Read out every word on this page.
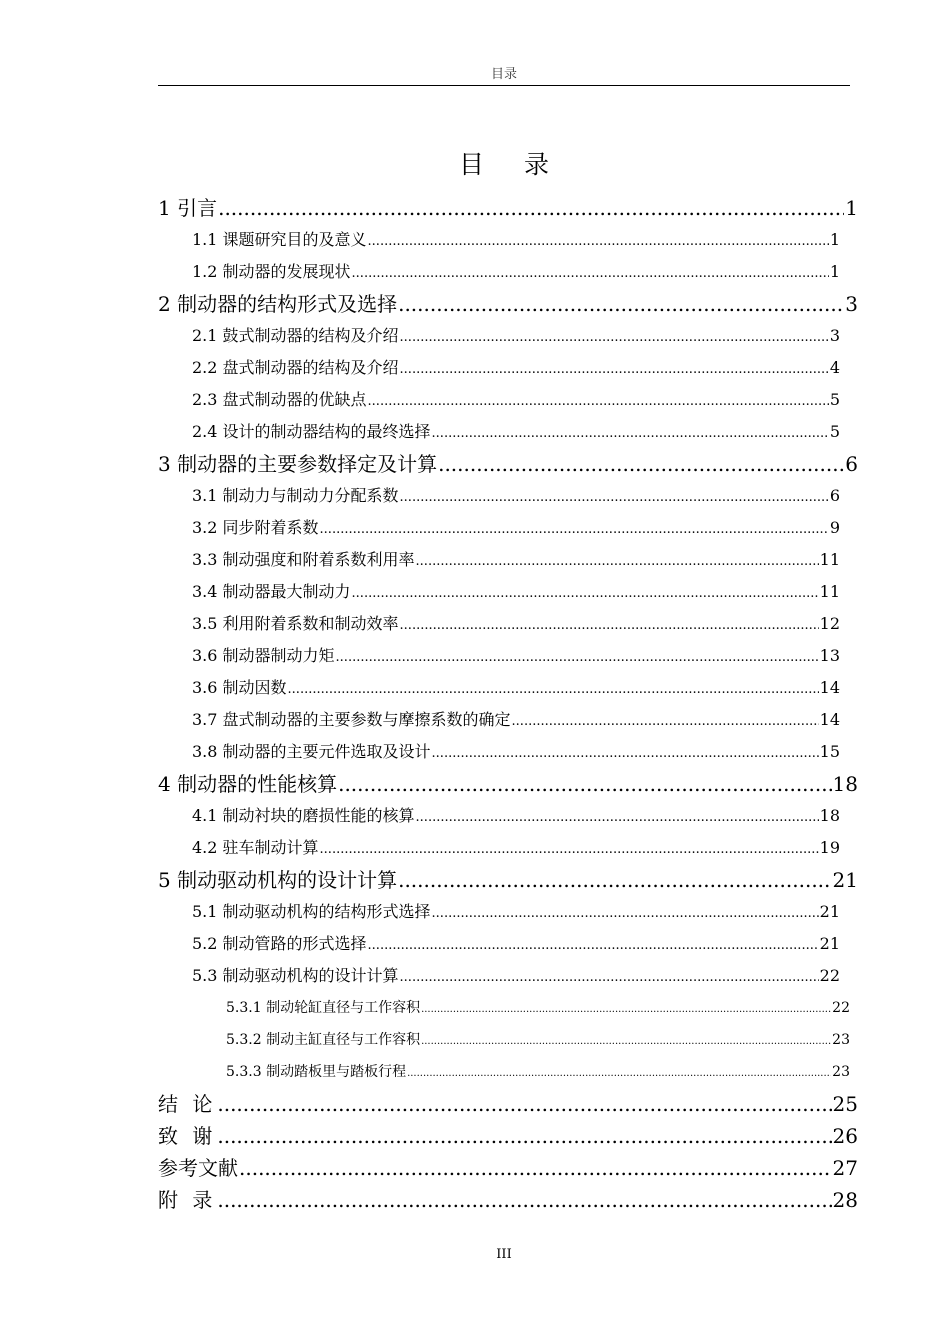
目录
目 录
1 引言 .....	1
1.1 课题研究目的及意义 .....	1
1.2 制动器的发展现状 .....	1
2 制动器的结构形式及选择 .....	3
2.1 鼓式制动器的结构及介绍 .....	3
2.2 盘式制动器的结构及介绍 .....	4
2.3 盘式制动器的优缺点 .....	5
2.4 设计的制动器结构的最终选择 .....	5
3 制动器的主要参数择定及计算 .....	6
3.1 制动力与制动力分配系数 .....	6
3.2 同步附着系数 .....	9
3.3 制动强度和附着系数利用率 .....	11
3.4 制动器最大制动力 .....	11
3.5 利用附着系数和制动效率 .....	12
3.6 制动器制动力矩 .....	13
3.6 制动因数 .....	14
3.7 盘式制动器的主要参数与摩擦系数的确定 .....	14
3.8 制动器的主要元件选取及设计 .....	15
4 制动器的性能核算 .....	18
4.1 制动衬块的磨损性能的核算 .....	18
4.2 驻车制动计算 .....	19
5 制动驱动机构的设计计算 .....	21
5.1 制动驱动机构的结构形式选择 .....	21
5.2 制动管路的形式选择 .....	21
5.3 制动驱动机构的设计计算 .....	22
5.3.1 制动轮缸直径与工作容积 .....	22
5.3.2 制动主缸直径与工作容积 .....	23
5.3.3 制动踏板里与踏板行程 .....	23
结 论 .....	25
致 谢 .....	26
参考文献 .....	27
附 录 .....	28
III
